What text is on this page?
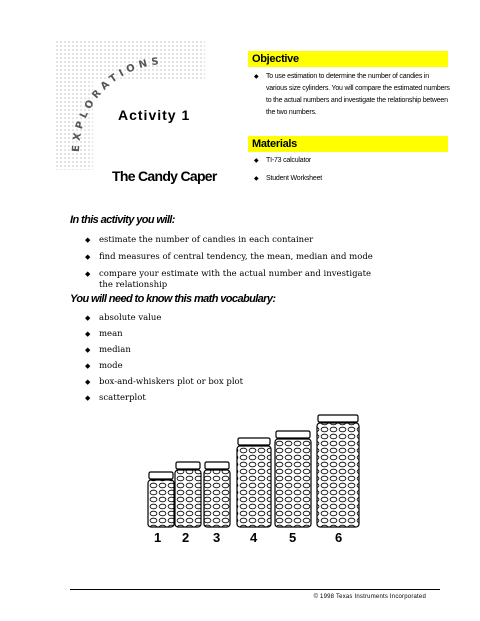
EXPLORATIONS
Activity 1
The Candy Caper
Objective
◆ To use estimation to determine the number of candies in various size cylinders. You will compare the estimated numbers to the actual numbers and investigate the relationship between the two numbers.
Materials
◆ TI-73 calculator
◆ Student Worksheet
In this activity you will:
◆ estimate the number of candies in each container
◆ find measures of central tendency, the mean, median and mode
◆ compare your estimate with the actual number and investigate the relationship
You will need to know this math vocabulary:
◆ absolute value
◆ mean
◆ median
◆ mode
◆ box-and-whiskers plot or box plot
◆ scatterplot
1 2 3 4 5	6
© 1998 Texas Instruments Incorporated
